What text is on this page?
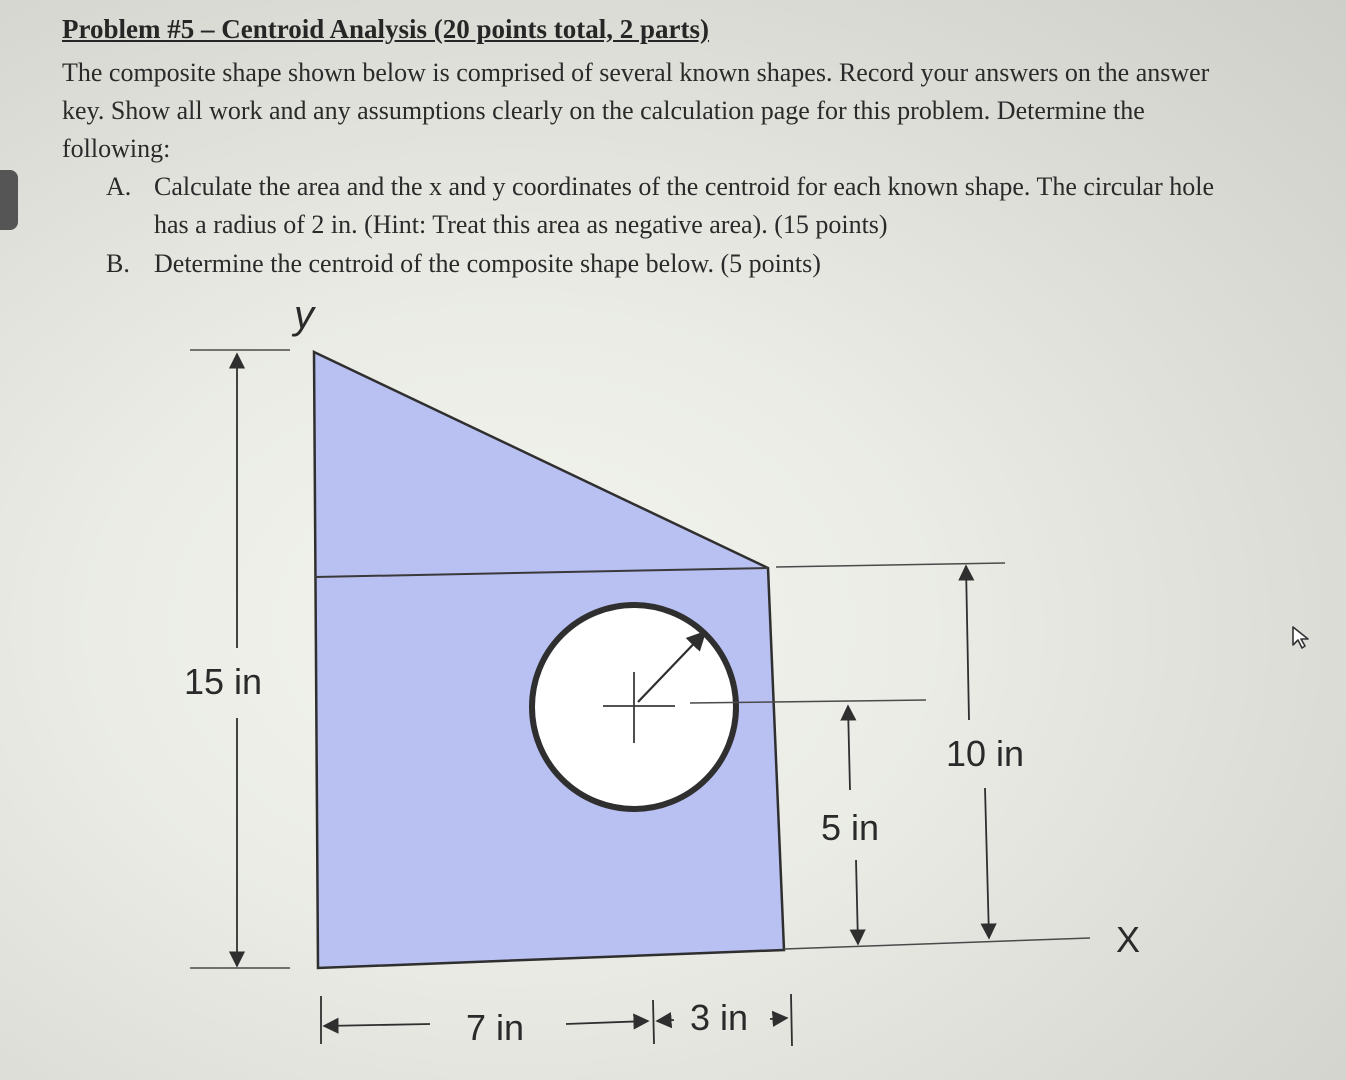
Problem #5 – Centroid Analysis (20 points total, 2 parts)
The composite shape shown below is comprised of several known shapes. Record your answers on the answer key. Show all work and any assumptions clearly on the calculation page for this problem. Determine the following:
A. Calculate the area and the x and y coordinates of the centroid for each known shape. The circular hole has a radius of 2 in. (Hint: Treat this area as negative area). (15 points)
B. Determine the centroid of the composite shape below. (5 points)
15 in
10 in
5 in
7 in	3 in
y
X
